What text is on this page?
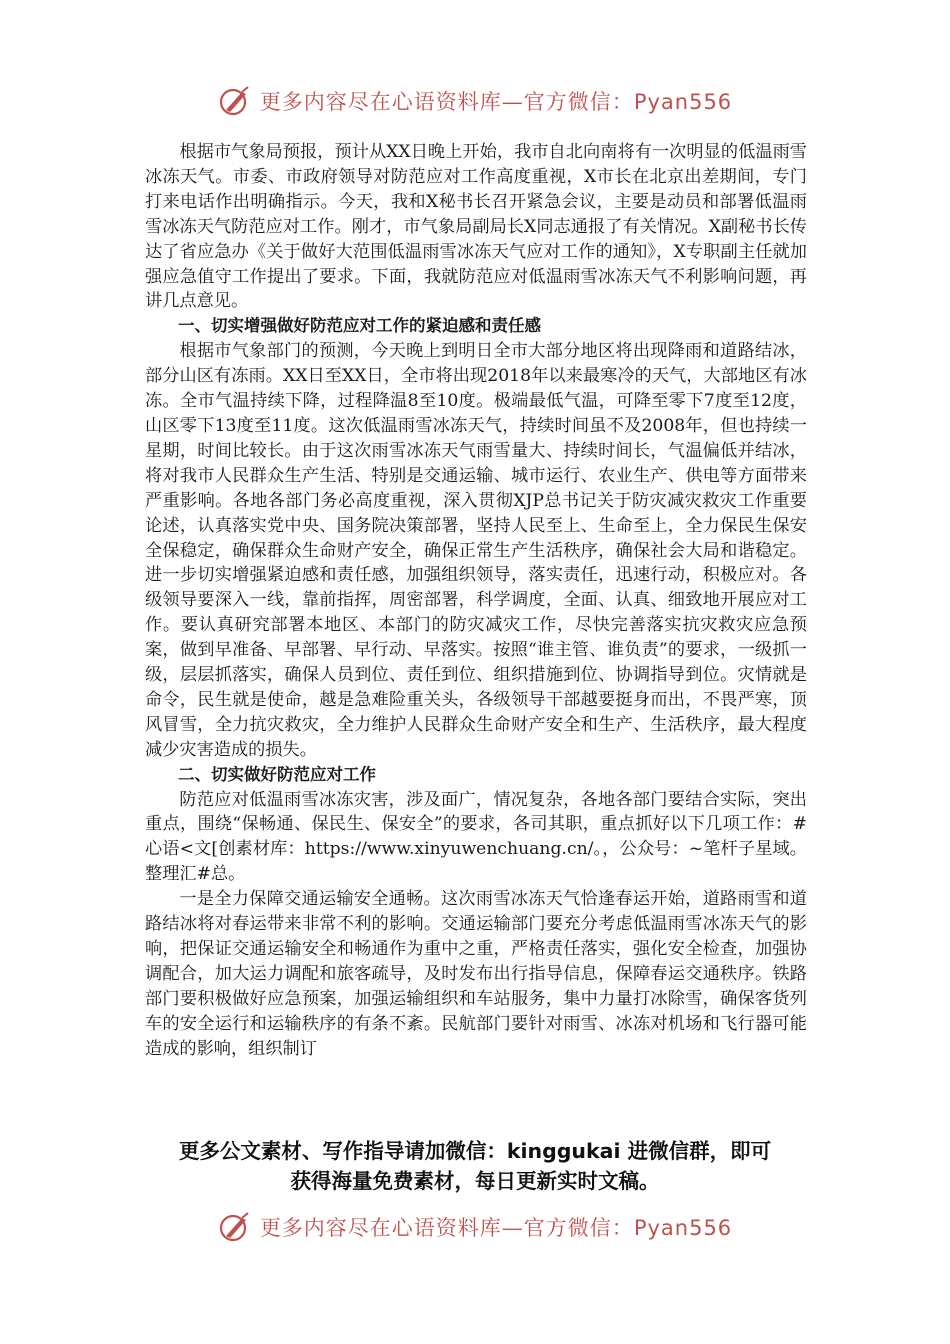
更多内容尽在心语资料库—官方微信：Pyan556

根据市气象局预报，预计从XX日晚上开始，我市自北向南将有一次明显的低温雨雪冰冻天气。市委、市政府领导对防范应对工作高度重视，X市长在北京出差期间，专门打来电话作出明确指示。今天，我和X秘书长召开紧急会议，主要是动员和部署低温雨雪冰冻天气防范应对工作。刚才，市气象局副局长X同志通报了有关情况。X副秘书长传达了省应急办《关于做好大范围低温雨雪冰冻天气应对工作的通知》，X专职副主任就加强应急值守工作提出了要求。下面，我就防范应对低温雨雪冰冻天气不利影响问题，再讲几点意见。

一、切实增强做好防范应对工作的紧迫感和责任感

根据市气象部门的预测，今天晚上到明日全市大部分地区将出现降雨和道路结冰，部分山区有冻雨。XX日至XX日，全市将出现2018年以来最寒冷的天气，大部地区有冰冻。全市气温持续下降，过程降温8至10度。极端最低气温，可降至零下7度至12度，山区零下13度至11度。这次低温雨雪冰冻天气，持续时间虽不及2008年，但也持续一星期，时间比较长。由于这次雨雪冰冻天气雨雪量大、持续时间长，气温偏低并结冰，将对我市人民群众生产生活、特别是交通运输、城市运行、农业生产、供电等方面带来严重影响。各地各部门务必高度重视，深入贯彻XJP总书记关于防灾减灾救灾工作重要论述，认真落实党中央、国务院决策部署，坚持人民至上、生命至上，全力保民生保安全保稳定，确保群众生命财产安全，确保正常生产生活秩序，确保社会大局和谐稳定。进一步切实增强紧迫感和责任感，加强组织领导，落实责任，迅速行动，积极应对。各级领导要深入一线，靠前指挥，周密部署，科学调度，全面、认真、细致地开展应对工作。要认真研究部署本地区、本部门的防灾减灾工作，尽快完善落实抗灾救灾应急预案，做到早准备、早部署、早行动、早落实。按照“谁主管、谁负责”的要求，一级抓一级，层层抓落实，确保人员到位、责任到位、组织措施到位、协调指导到位。灾情就是命令，民生就是使命，越是急难险重关头，各级领导干部越要挺身而出，不畏严寒，顶风冒雪，全力抗灾救灾，全力维护人民群众生命财产安全和生产、生活秩序，最大程度减少灾害造成的损失。

二、切实做好防范应对工作

防范应对低温雨雪冰冻灾害，涉及面广，情况复杂，各地各部门要结合实际，突出重点，围绕“保畅通、保民生、保安全”的要求，各司其职，重点抓好以下几项工作：#心语<文[创素材库：https://www.xinyuwenchuang.cn/。，公众号：~笔杆子星域。整理汇#总。

一是全力保障交通运输安全通畅。这次雨雪冰冻天气恰逢春运开始，道路雨雪和道路结冰将对春运带来非常不利的影响。交通运输部门要充分考虑低温雨雪冰冻天气的影响，把保证交通运输安全和畅通作为重中之重，严格责任落实，强化安全检查，加强协调配合，加大运力调配和旅客疏导，及时发布出行指导信息，保障春运交通秩序。铁路部门要积极做好应急预案，加强运输组织和车站服务，集中力量打冰除雪，确保客货列车的安全运行和运输秩序的有条不紊。民航部门要针对雨雪、冰冻对机场和飞行器可能造成的影响，组织制订

更多公文素材、写作指导请加微信：kinggukai 进微信群，即可
获得海量免费素材，每日更新实时文稿。
更多内容尽在心语资料库—官方微信：Pyan556
